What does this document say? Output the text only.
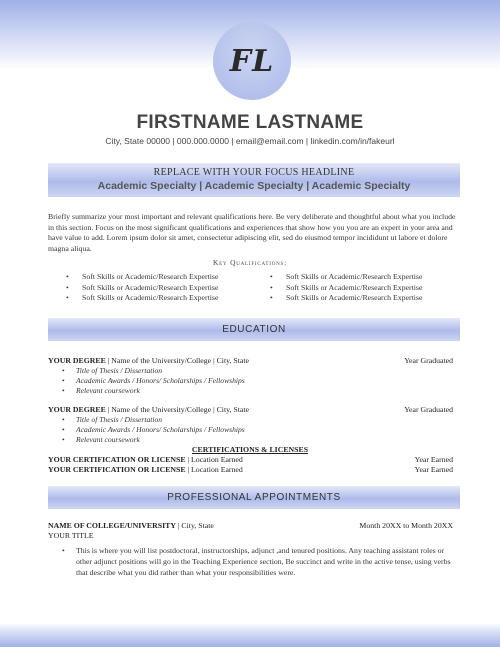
FL
FIRSTNAME LASTNAME
City, State 00000 | 000.000.0000 | email@email.com | linkedin.com/in/fakeurl
REPLACE WITH YOUR FOCUS HEADLINE
Academic Specialty | Academic Specialty | Academic Specialty
Briefly summarize your most important and relevant qualifications here. Be very deliberate and thoughtful about what you include in this section. Focus on the most significant qualifications and experiences that show how you you are an expert in your area and have value to add. Lorem ipsum dolor sit amet, consectetur adipiscing elit, sed do eiusmod tempor incididunt ut labore et dolore magna aliqua.
Key Qualifications:
• Soft Skills or Academic/Research Expertise
• Soft Skills or Academic/Research Expertise
• Soft Skills or Academic/Research Expertise
• Soft Skills or Academic/Research Expertise
• Soft Skills or Academic/Research Expertise
• Soft Skills or Academic/Research Expertise
EDUCATION
YOUR DEGREE | Name of the University/College | City, State	Year Graduated
• Title of Thesis / Dissertation
• Academic Awards / Honors/ Scholarships / Fellowships
• Relevant coursework
YOUR DEGREE | Name of the University/College | City, State	Year Graduated
• Title of Thesis / Dissertation
• Academic Awards / Honors/ Scholarships / Fellowships
• Relevant coursework
CERTIFICATIONS & LICENSES
YOUR CERTIFICATION OR LICENSE | Location Earned	Year Earned
YOUR CERTIFICATION OR LICENSE | Location Earned	Year Earned
PROFESSIONAL APPOINTMENTS
NAME OF COLLEGE/UNIVERSITY | City, State	Month 20XX to Month 20XX
YOUR TITLE
•	This is where you will list postdoctoral, instructorships, adjunct ,and tenured positions. Any teaching assistant roles or other adjunct positions will go in the Teaching Experience section, Be succinct and write in the active tense, using verbs that describe what you did rather than what your responsibilities were.
